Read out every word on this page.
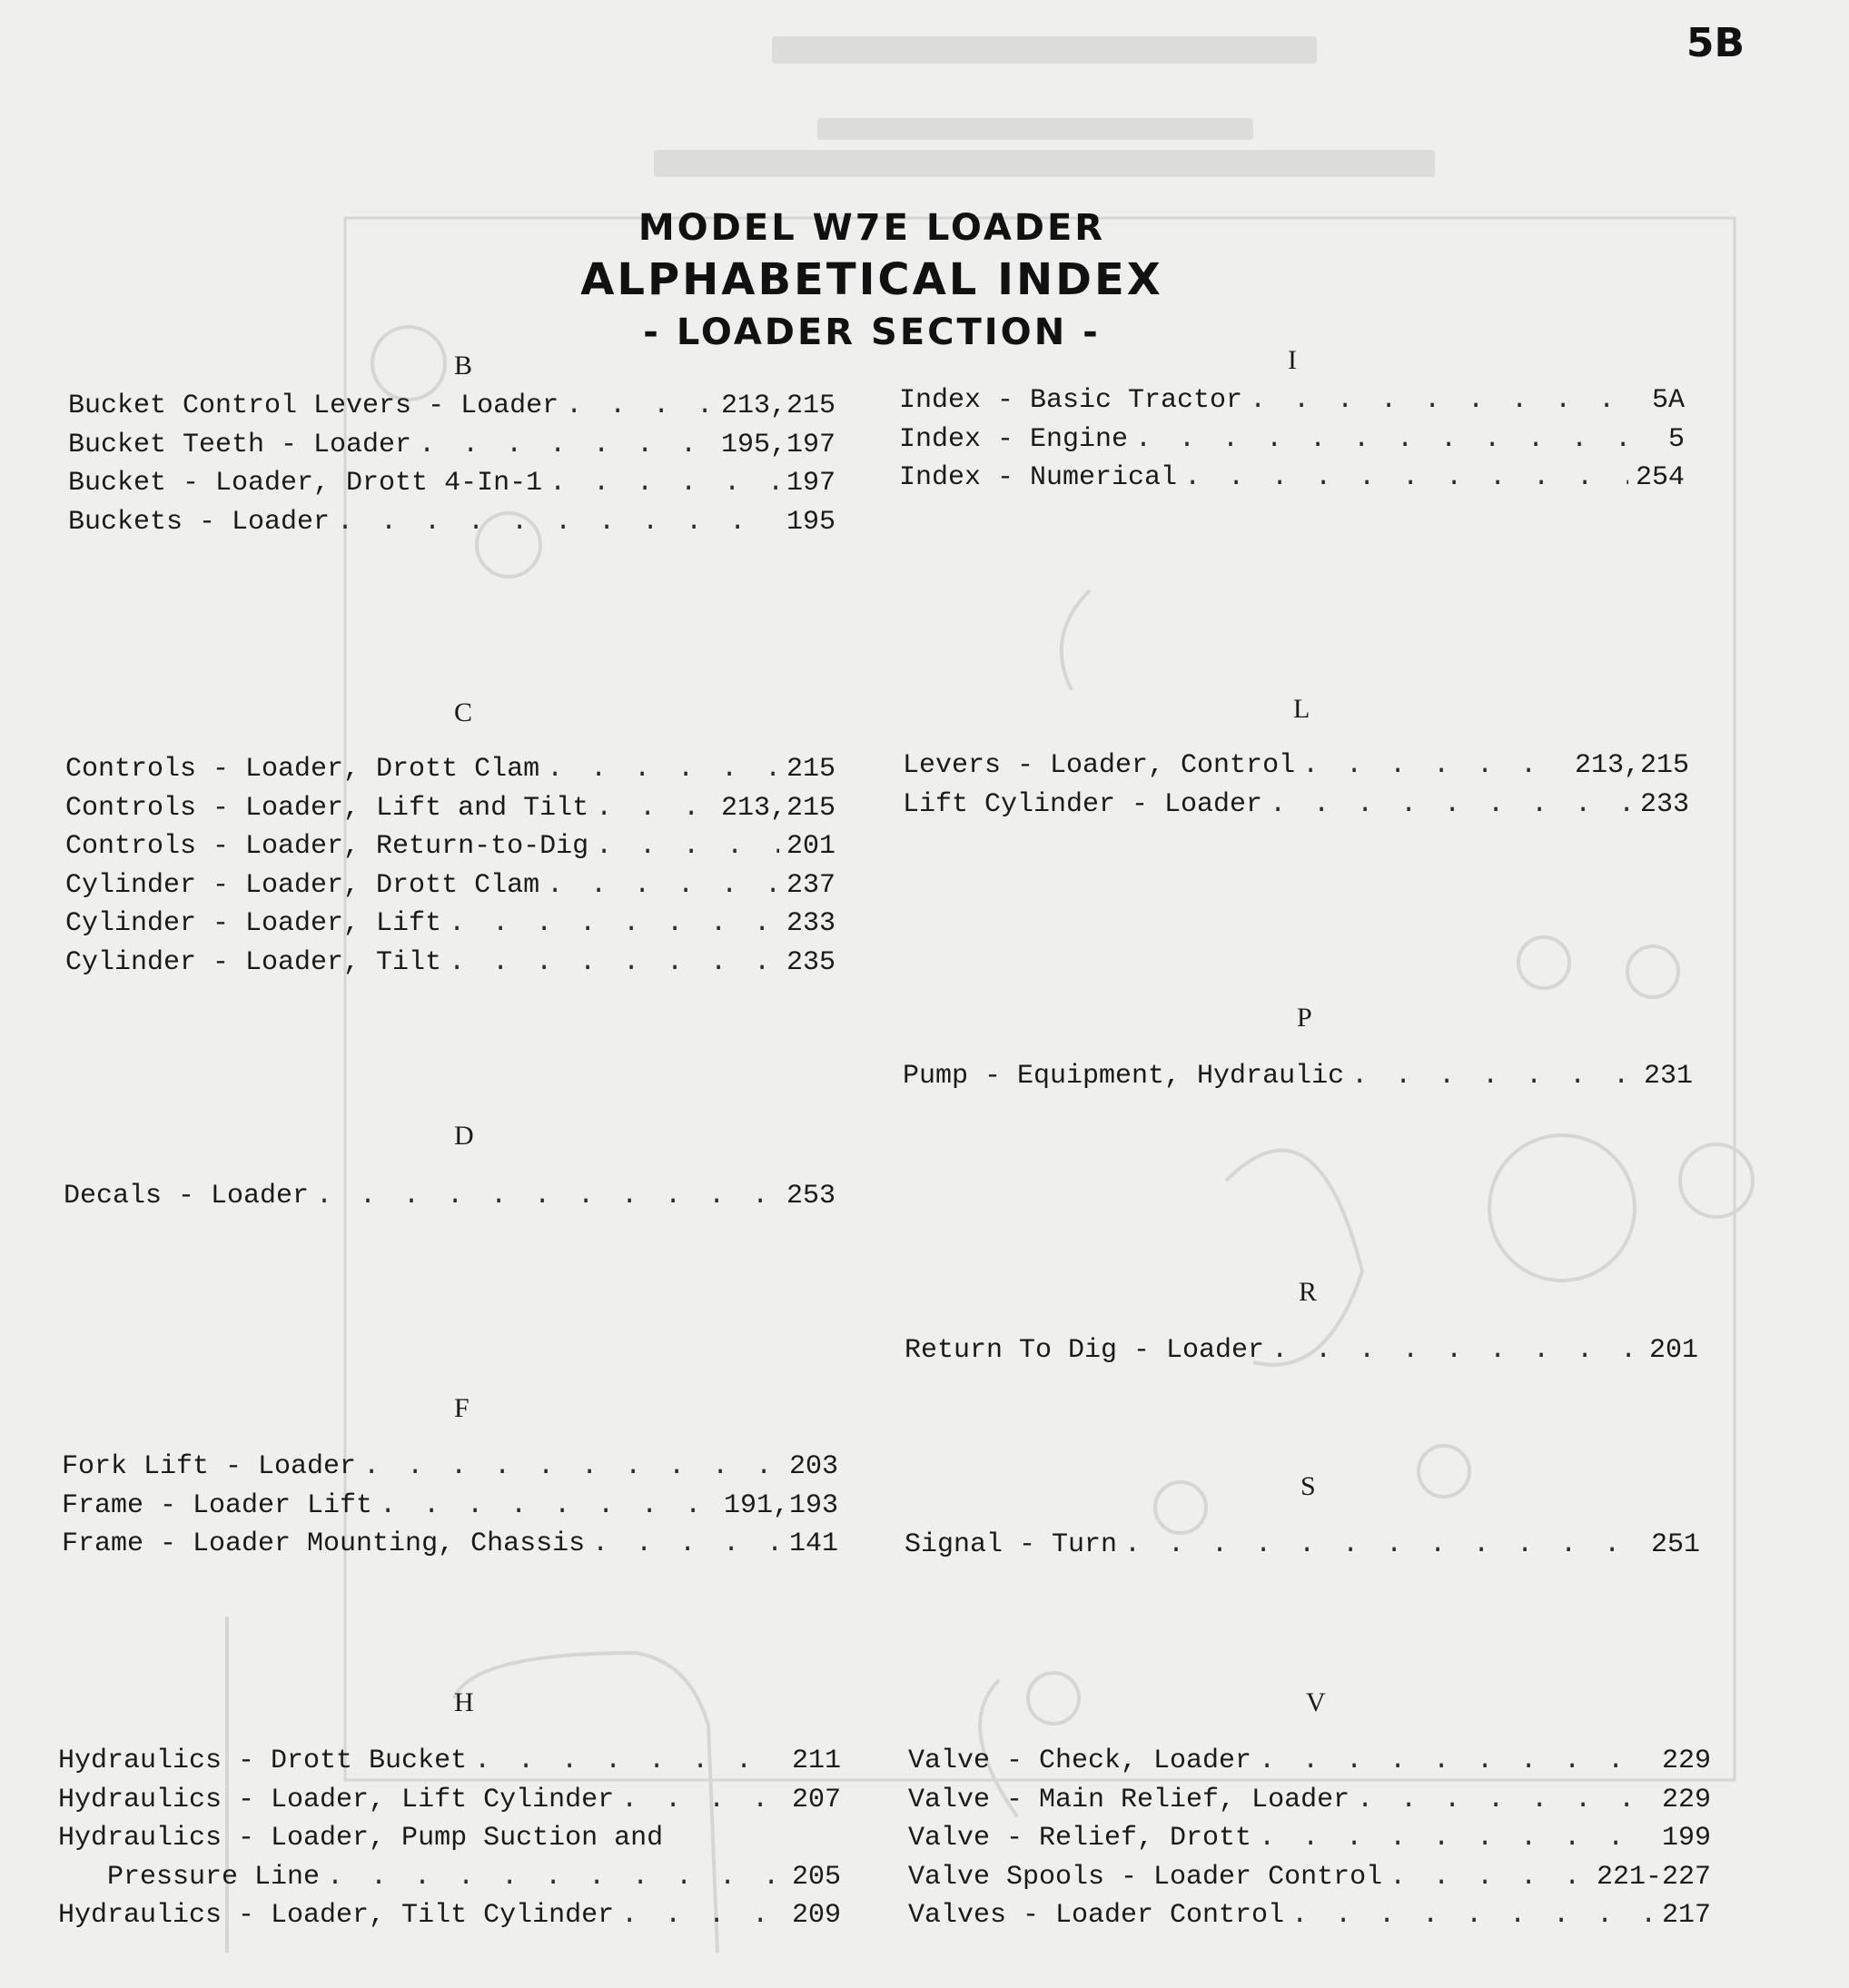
5B
MODEL W7E LOADER
ALPHABETICAL INDEX
- LOADER SECTION -
B
Bucket Control Levers - Loader . . .	213,215
Bucket Teeth - Loader . . .	195,197
Bucket - Loader, Drott 4-In-1 . . .	197
Buckets - Loader . . .	195
C
Controls - Loader, Drott Clam . . .	215
Controls - Loader, Lift and Tilt . . .	213,215
Controls - Loader, Return-to-Dig . . .	201
Cylinder - Loader, Drott Clam . . .	237
Cylinder - Loader, Lift . . .	233
Cylinder - Loader, Tilt . . .	235
D
Decals - Loader . . .	253
F
Fork Lift - Loader . . .	203
Frame - Loader Lift . . .	191,193
Frame - Loader Mounting, Chassis . . .	141
H
Hydraulics - Drott Bucket . . .	211
Hydraulics - Loader, Lift Cylinder . . .	207
Hydraulics - Loader, Pump Suction and
Pressure Line . . .	205
Hydraulics - Loader, Tilt Cylinder . . .	209
I
Index - Basic Tractor . . .	5A
Index - Engine . . .	5
Index - Numerical . . .	254
L
Levers - Loader, Control . . .	213,215
Lift Cylinder - Loader . . .	233
P
Pump - Equipment, Hydraulic . . .	231
R
Return To Dig - Loader . . .	201
S
Signal - Turn . . .	251
V
Valve - Check, Loader . . .	229
Valve - Main Relief, Loader . . .	229
Valve - Relief, Drott . . .	199
Valve Spools - Loader Control . . .	221-227
Valves - Loader Control . . .	217
